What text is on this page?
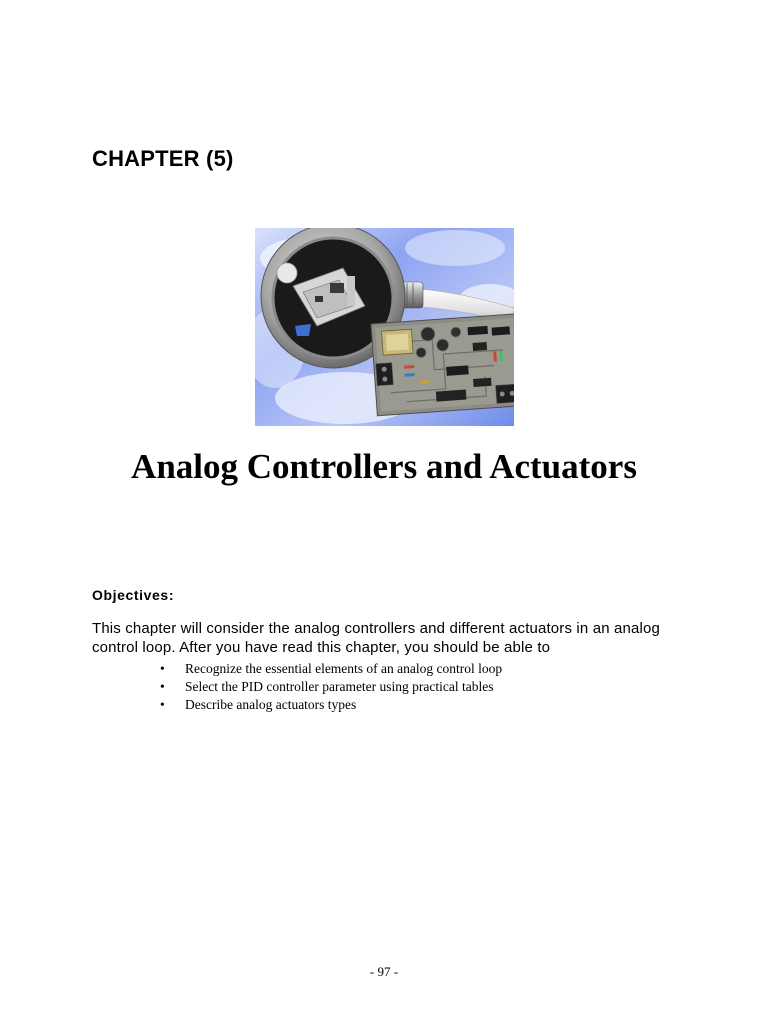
CHAPTER (5)
Analog Controllers and Actuators
Objectives:

This chapter will consider the analog controllers and different actuators in an analog control loop. After you have read this chapter, you should be able to

• Recognize the essential elements of an analog control loop
• Select the PID controller parameter using practical tables
• Describe analog actuators types
- 97 -
